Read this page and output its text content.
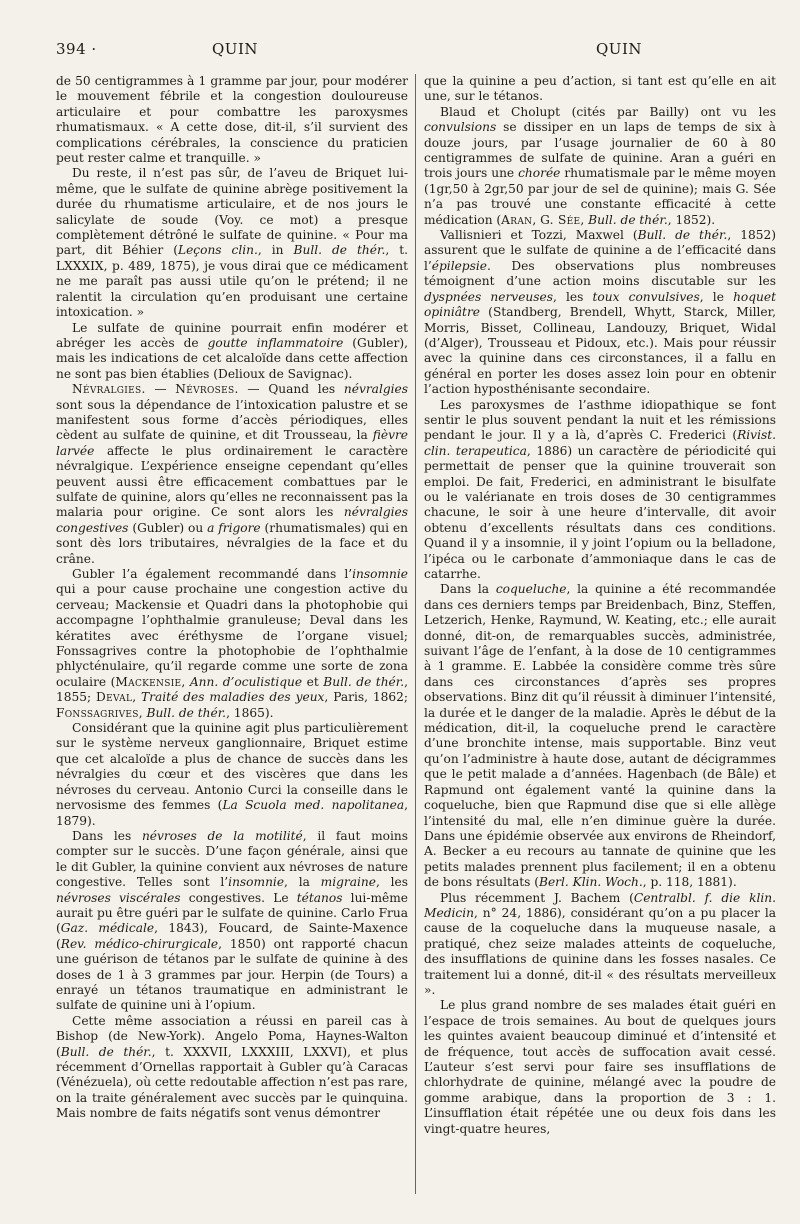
394 ·	QUIN	QUIN

de 50 centigrammes à 1 gramme par jour, pour modérer le mouvement fébrile et la congestion douloureuse articulaire et pour combattre les paroxysmes rhumatismaux. « A cette dose, dit-il, s’il survient des complications cérébrales, la conscience du praticien peut rester calme et tranquille. »

Du reste, il n’est pas sûr, de l’aveu de Briquet lui-même, que le sulfate de quinine abrège positivement la durée du rhumatisme articulaire, et de nos jours le salicylate de soude (Voy. ce mot) a presque complètement détrôné le sulfate de quinine. « Pour ma part, dit Béhier (Leçons clin., in Bull. de thér., t. LXXXIX, p. 489, 1875), je vous dirai que ce médicament ne me paraît pas aussi utile qu’on le prétend; il ne ralentit la circulation qu’en produisant une certaine intoxication. »

Le sulfate de quinine pourrait enfin modérer et abréger les accès de goutte inflammatoire (Gubler), mais les indications de cet alcaloïde dans cette affection ne sont pas bien établies (Delioux de Savignac).

Névralgies. — Névroses. — Quand les névralgies sont sous la dépendance de l’intoxication palustre et se manifestent sous forme d’accès périodiques, elles cèdent au sulfate de quinine, et dit Trousseau, la fièvre larvée affecte le plus ordinairement le caractère névralgique. L’expérience enseigne cependant qu’elles peuvent aussi être efficacement combattues par le sulfate de quinine, alors qu’elles ne reconnaissent pas la malaria pour origine. Ce sont alors les névralgies congestives (Gubler) ou a frigore (rhumatismales) qui en sont dès lors tributaires, névralgies de la face et du crâne.

Gubler l’a également recommandé dans l’insomnie qui a pour cause prochaine une congestion active du cerveau; Mackensie et Quadri dans la photophobie qui accompagne l’ophthalmie granuleuse; Deval dans les kératites avec éréthysme de l’organe visuel; Fonssagrives contre la photophobie de l’ophthalmie phlycténulaire, qu’il regarde comme une sorte de zona oculaire (Mackensie, Ann. d’oculistique et Bull. de thér., 1855; Deval, Traité des maladies des yeux, Paris, 1862; Fonssagrives, Bull. de thér., 1865).

Considérant que la quinine agit plus particulièrement sur le système nerveux ganglionnaire, Briquet estime que cet alcaloïde a plus de chance de succès dans les névralgies du cœur et des viscères que dans les névroses du cerveau. Antonio Curci la conseille dans le nervosisme des femmes (La Scuola med. napolitanea, 1879).

Dans les névroses de la motilité, il faut moins compter sur le succès. D’une façon générale, ainsi que le dit Gubler, la quinine convient aux névroses de nature congestive. Telles sont l’insomnie, la migraine, les névroses viscérales congestives. Le tétanos lui-même aurait pu être guéri par le sulfate de quinine. Carlo Frua (Gaz. médicale, 1843), Foucard, de Sainte-Maxence (Rev. médico-chirurgicale, 1850) ont rapporté chacun une guérison de tétanos par le sulfate de quinine à des doses de 1 à 3 grammes par jour. Herpin (de Tours) a enrayé un tétanos traumatique en administrant le sulfate de quinine uni à l’opium.

Cette même association a réussi en pareil cas à Bishop (de New-York). Angelo Poma, Haynes-Walton (Bull. de thér., t. XXXVII, LXXXIII, LXXVI), et plus récemment d’Ornellas rapportait à Gubler qu’à Caracas (Vénézuela), où cette redoutable affection n’est pas rare, on la traite généralement avec succès par le quinquina. Mais nombre de faits négatifs sont venus démontrer

que la quinine a peu d’action, si tant est qu’elle en ait une, sur le tétanos.

Blaud et Cholupt (cités par Bailly) ont vu les convulsions se dissiper en un laps de temps de six à douze jours, par l’usage journalier de 60 à 80 centigrammes de sulfate de quinine. Aran a guéri en trois jours une chorée rhumatismale par le même moyen (1gr,50 à 2gr,50 par jour de sel de quinine); mais G. Sée n’a pas trouvé une constante efficacité à cette médication (Aran, G. Sée, Bull. de thér., 1852).

Vallisnieri et Tozzi, Maxwel (Bull. de thér., 1852) assurent que le sulfate de quinine a de l’efficacité dans l’épilepsie. Des observations plus nombreuses témoignent d’une action moins discutable sur les dyspnées nerveuses, les toux convulsives, le hoquet opiniâtre (Standberg, Brendell, Whytt, Starck, Miller, Morris, Bisset, Collineau, Landouzy, Briquet, Widal (d’Alger), Trousseau et Pidoux, etc.). Mais pour réussir avec la quinine dans ces circonstances, il a fallu en général en porter les doses assez loin pour en obtenir l’action hyposthénisante secondaire.

Les paroxysmes de l’asthme idiopathique se font sentir le plus souvent pendant la nuit et les rémissions pendant le jour. Il y a là, d’après C. Frederici (Rivist. clin. terapeutica, 1886) un caractère de périodicité qui permettait de penser que la quinine trouverait son emploi. De fait, Frederici, en administrant le bisulfate ou le valérianate en trois doses de 30 centigrammes chacune, le soir à une heure d’intervalle, dit avoir obtenu d’excellents résultats dans ces conditions. Quand il y a insomnie, il y joint l’opium ou la belladone, l’ipéca ou le carbonate d’ammoniaque dans le cas de catarrhe.

Dans la coqueluche, la quinine a été recommandée dans ces derniers temps par Breidenbach, Binz, Steffen, Letzerich, Henke, Raymund, W. Keating, etc.; elle aurait donné, dit-on, de remarquables succès, administrée, suivant l’âge de l’enfant, à la dose de 10 centigrammes à 1 gramme. E. Labbée la considère comme très sûre dans ces circonstances d’après ses propres observations. Binz dit qu’il réussit à diminuer l’intensité, la durée et le danger de la maladie. Après le début de la médication, dit-il, la coqueluche prend le caractère d’une bronchite intense, mais supportable. Binz veut qu’on l’administre à haute dose, autant de décigrammes que le petit malade a d’années. Hagenbach (de Bâle) et Rapmund ont également vanté la quinine dans la coqueluche, bien que Rapmund dise que si elle allège l’intensité du mal, elle n’en diminue guère la durée. Dans une épidémie observée aux environs de Rheindorf, A. Becker a eu recours au tannate de quinine que les petits malades prennent plus facilement; il en a obtenu de bons résultats (Berl. Klin. Woch., p. 118, 1881).

Plus récemment J. Bachem (Centralbl. f. die klin. Medicin, n° 24, 1886), considérant qu’on a pu placer la cause de la coqueluche dans la muqueuse nasale, a pratiqué, chez seize malades atteints de coqueluche, des insufflations de quinine dans les fosses nasales. Ce traitement lui a donné, dit-il « des résultats merveilleux ».

Le plus grand nombre de ses malades était guéri en l’espace de trois semaines. Au bout de quelques jours les quintes avaient beaucoup diminué et d’intensité et de fréquence, tout accès de suffocation avait cessé. L’auteur s’est servi pour faire ses insufflations de chlorhydrate de quinine, mélangé avec la poudre de gomme arabique, dans la proportion de 3 : 1. L’insufflation était répétée une ou deux fois dans les vingt-quatre heures,
